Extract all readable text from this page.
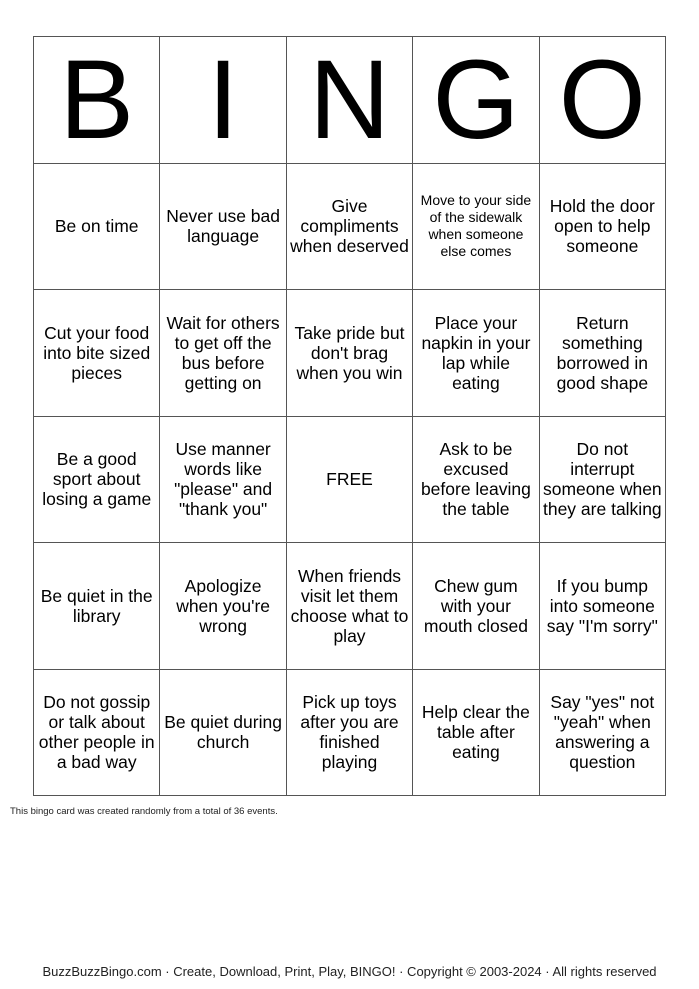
B I N G O
Be on time	Never use bad language
Give compliments when deserved
Move to your side of the sidewalk when someone else comes
Hold the door open to help someone
Cut your food into bite sized pieces
Wait for others to get off the bus before getting on
Take pride but don't brag when you win
Place your napkin in your lap while eating
Return something borrowed in good shape
Be a good sport about losing a game
Use manner words like "please" and "thank you"
FREE
Ask to be excused before leaving the table
Do not interrupt someone when they are talking
Be quiet in the library
Apologize when you're wrong
When friends visit let them choose what to play
Chew gum with your mouth closed
If you bump into someone say "I'm sorry"
Do not gossip or talk about other people in a bad way
Be quiet during church
Pick up toys after you are finished playing
Help clear the table after eating
Say "yes" not "yeah" when answering a question
This bingo card was created randomly from a total of 36 events.
BuzzBuzzBingo.com · Create, Download, Print, Play, BINGO! · Copyright © 2003-2024 · All rights reserved
